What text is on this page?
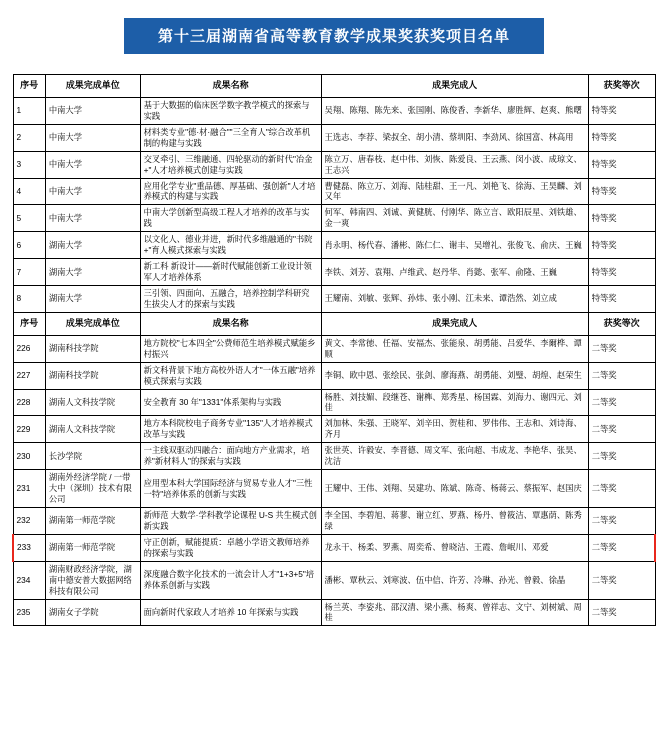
第十三届湖南省高等教育教学成果奖获奖项目名单
序号	成果完成单位	成果名称	成果完成人	获奖等次
1	中南大学	基于大数据的临床医学数字教学模式的探索与实践	吴翔、陈翔、陈先来、张国刚、陈俊香、李新华、廖胜辉、赵爽、熊曙	特等奖
2	中南大学	材料类专业"德·材·融合""三全育人"综合改革机制的构建与实践	王选志、李荐、梁叔全、胡小清、蔡圳阳、李劲风、徐国富、林高用	特等奖
3	中南大学	交叉牵引、三维融通、四轮驱动的新时代"冶金+"人才培养模式创建与实践	陈立万、唐春枝、赵中伟、刘恢、陈爱良、王云燕、闵小波、成琼文、王志兴	特等奖
4	中南大学	应用化学专业"重品德、厚基础、强创新"人才培养模式的构建与实践	曹健磊、陈立万、刘海、陆桂甜、王一凡、刘艳飞、徐海、王昊麟、刘又年	特等奖
5	中南大学	中南大学创新型高级工程人才培养的改革与实践	何军、韩南四、刘诚、黄健胱、付刚华、陈立言、欧阳辰星、刘铁雄、金一爽	特等奖
6	湖南大学	以文化人、德业并进，新时代多维融通的"书院+"育人模式探索与实践	肖永明、杨代春、潘彬、陈仁仁、谢丰、吴增礼、张俊飞、俞庆、王巍	特等奖
7	湖南大学	新工科 新设计——新时代赋能创新工业设计领军人才培养体系	李铁、刘芳、袁翔、卢维武、赵丹华、肖懿、张军、俞隆、王巍	特等奖
8	湖南大学	三引领、四面向、五融合，培养控制学科研究生拔尖人才的探索与实践	王耀南、刘敏、张辉、孙炜、张小刚、江未来、谭浩然、刘立成	特等奖
序号	成果完成单位	成果名称	成果完成人	获奖等次
226	湖南科技学院	地方院校"七本四全"公费师范生培养模式赋能乡村振兴	黄文、李常徳、任福、安福杰、张能泉、胡勇能、吕爱华、李爾桦、谭顺	二等奖
227	湖南科技学院	新文科背景下地方高校外语人才"一体五融"培养模式探索与实践	李铜、欧中恩、张绘民、张剑、廖海燕、胡勇能、刘璧、胡煌、赵荣生	二等奖
228	湖南人文科技学院	安全教育 30 年"1331"体系架构与实践	杨胜、刘技媚、段继苍、谢榫、郑秀星、杨国霖、刘海力、谢四元、刘佳	二等奖
229	湖南人文科技学院	地方本科院校电子商务专业"135"人才培养模式改革与实践	刘加林、朱强、王晓军、刘辛田、贺桂和、罗伟伟、王志和、刘诗海、齐月	二等奖
230	长沙学院	一主线双驱动四融合：面向地方产业需求，培养"新材料人"的探索与实践	张世英、许毅安、李晋德、周文军、张向超、韦成龙、李艳华、张昊、沈洁	二等奖
231	湖南外经济学院 / 一带大中（深圳）技术有限公司	应用型本科大学国际经济与贸易专业人才"三性一特"培养体系的创新与实践	王耀中、王伟、刘翔、吴建功、陈斌、陈奇、杨蒋云、蔡振军、赵国庆	二等奖
232	湖南第一师范学院	新师范 大数学·学科教学论课程 U-S 共生模式创新实践	李全国、李碧旭、蒋蓼、谢立红、罗燕、杨丹、曾筱洁、覃惠荫、陈秀绿	二等奖
233	湖南第一师范学院	守正创新，赋能提质：卓越小学语文教师培养的探索与实践	龙永干、杨柔、罗燕、周奕希、曾晓洁、王霞、詹岷川、邓爱	二等奖
234	湖南财政经济学院，湖南中德安普大数据网络科技有限公司	深度融合数字化技术的一流会计人才"1+3+5"培养体系创新与实践	潘彬、覃秋云、刘寒波、伍中信、许芳、冷琳、孙光、曾毅、徐晶	二等奖
235	湖南女子学院	面向新时代家政人才培养 10 年探索与实践	杨兰英、李姿兆、邵汉清、梁小燕、杨爽、曾祥志、文宁、刘树斌、周桂	二等奖
